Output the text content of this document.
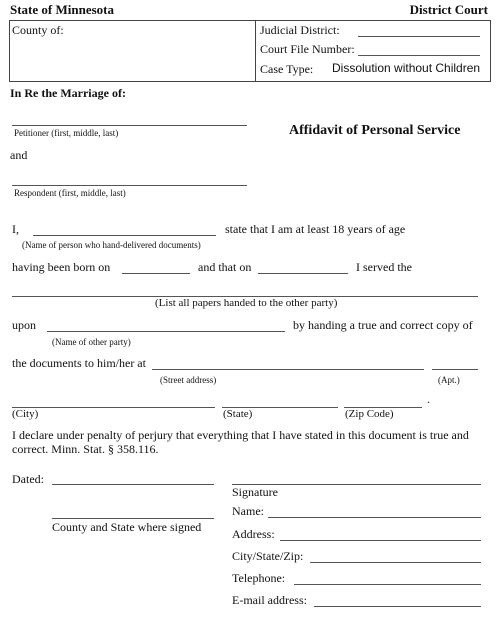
State of Minnesota	District Court
County of:	Judicial District:
Court File Number:
Case Type: Dissolution without Children
In Re the Marriage of:
Petitioner (first, middle, last)	Affidavit of Personal Service
and
Respondent (first, middle, last)
I,	state that I am at least 18 years of age
(Name of person who hand-delivered documents)
having been born on	and that on	I served the
(List all papers handed to the other party)
upon	by handing a true and correct copy of
(Name of other party)
the documents to him/her at
(Street address)	(Apt.)
.
(City)	(State)	(Zip Code)
I declare under penalty of perjury that everything that I have stated in this document is true and
correct. Minn. Stat. § 358.116.
Dated:
County and State where signed
Signature
Name:
Address:
City/State/Zip:
Telephone:
E-mail address:
